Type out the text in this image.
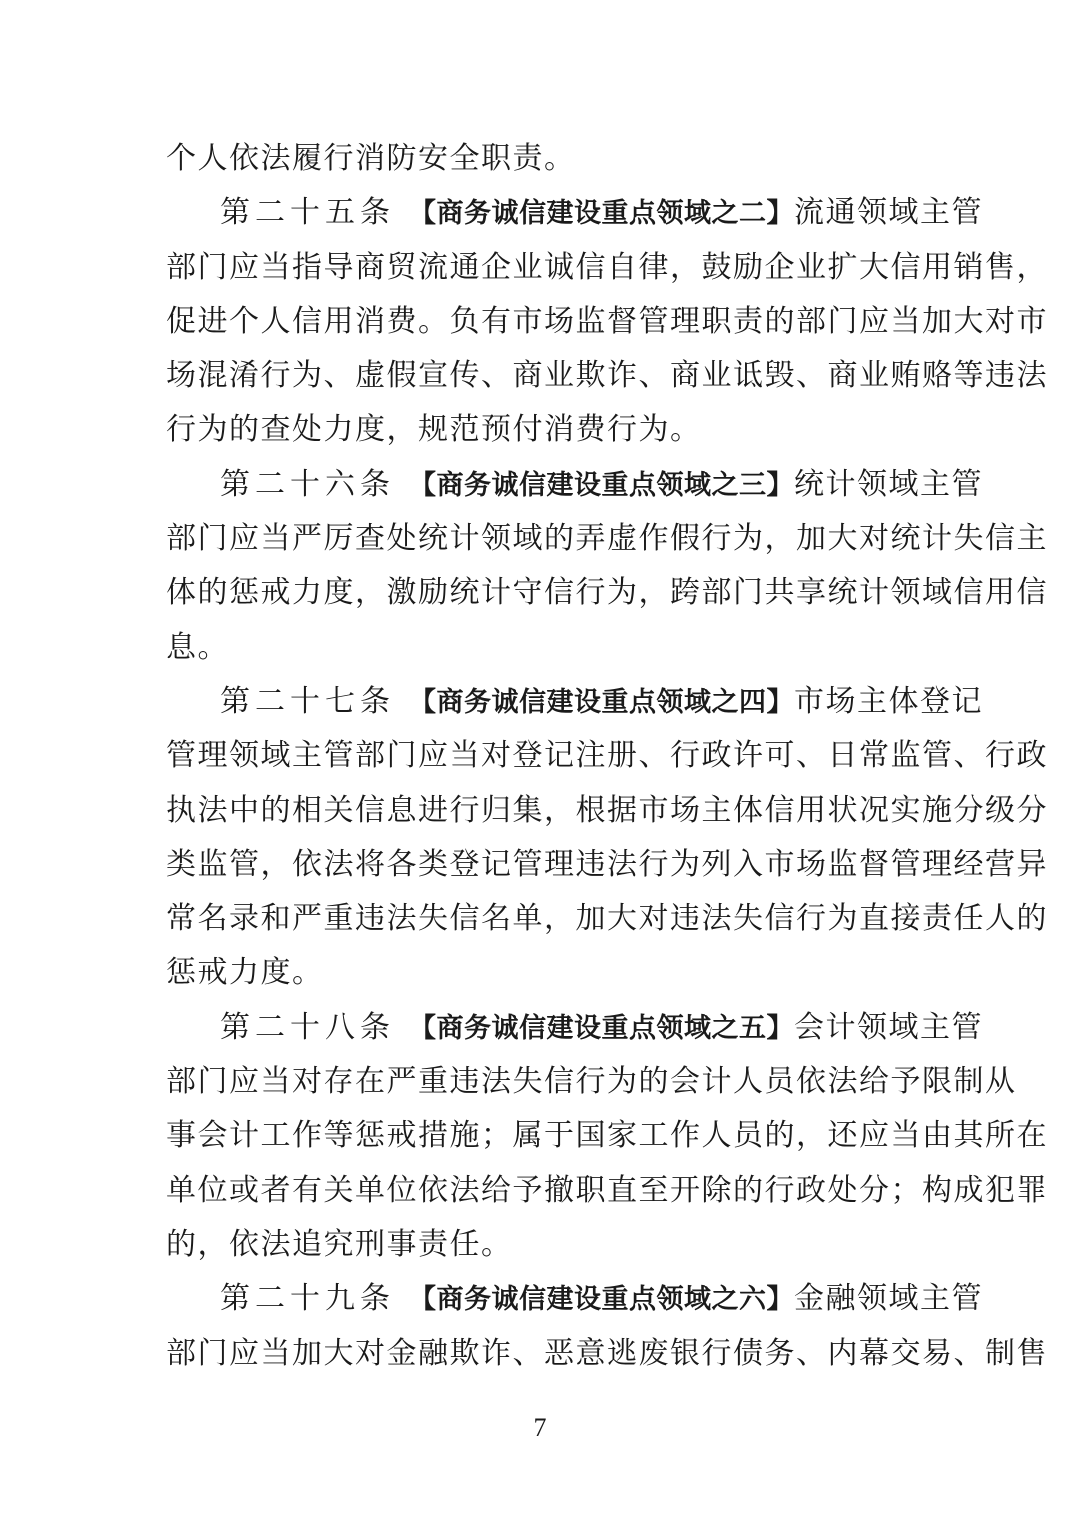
个人依法履行消防安全职责。
第二十五条 【商务诚信建设重点领域之二】流通领域主管
部门应当指导商贸流通企业诚信自律，鼓励企业扩大信用销售，
促进个人信用消费。负有市场监督管理职责的部门应当加大对市
场混淆行为、虚假宣传、商业欺诈、商业诋毁、商业贿赂等违法
行为的查处力度，规范预付消费行为。
第二十六条 【商务诚信建设重点领域之三】统计领域主管
部门应当严厉查处统计领域的弄虚作假行为，加大对统计失信主
体的惩戒力度，激励统计守信行为，跨部门共享统计领域信用信
息。
第二十七条 【商务诚信建设重点领域之四】市场主体登记
管理领域主管部门应当对登记注册、行政许可、日常监管、行政
执法中的相关信息进行归集，根据市场主体信用状况实施分级分
类监管，依法将各类登记管理违法行为列入市场监督管理经营异
常名录和严重违法失信名单，加大对违法失信行为直接责任人的
惩戒力度。
第二十八条 【商务诚信建设重点领域之五】会计领域主管
部门应当对存在严重违法失信行为的会计人员依法给予限制从
事会计工作等惩戒措施；属于国家工作人员的，还应当由其所在
单位或者有关单位依法给予撤职直至开除的行政处分；构成犯罪
的，依法追究刑事责任。
第二十九条 【商务诚信建设重点领域之六】金融领域主管
部门应当加大对金融欺诈、恶意逃废银行债务、内幕交易、制售
7
